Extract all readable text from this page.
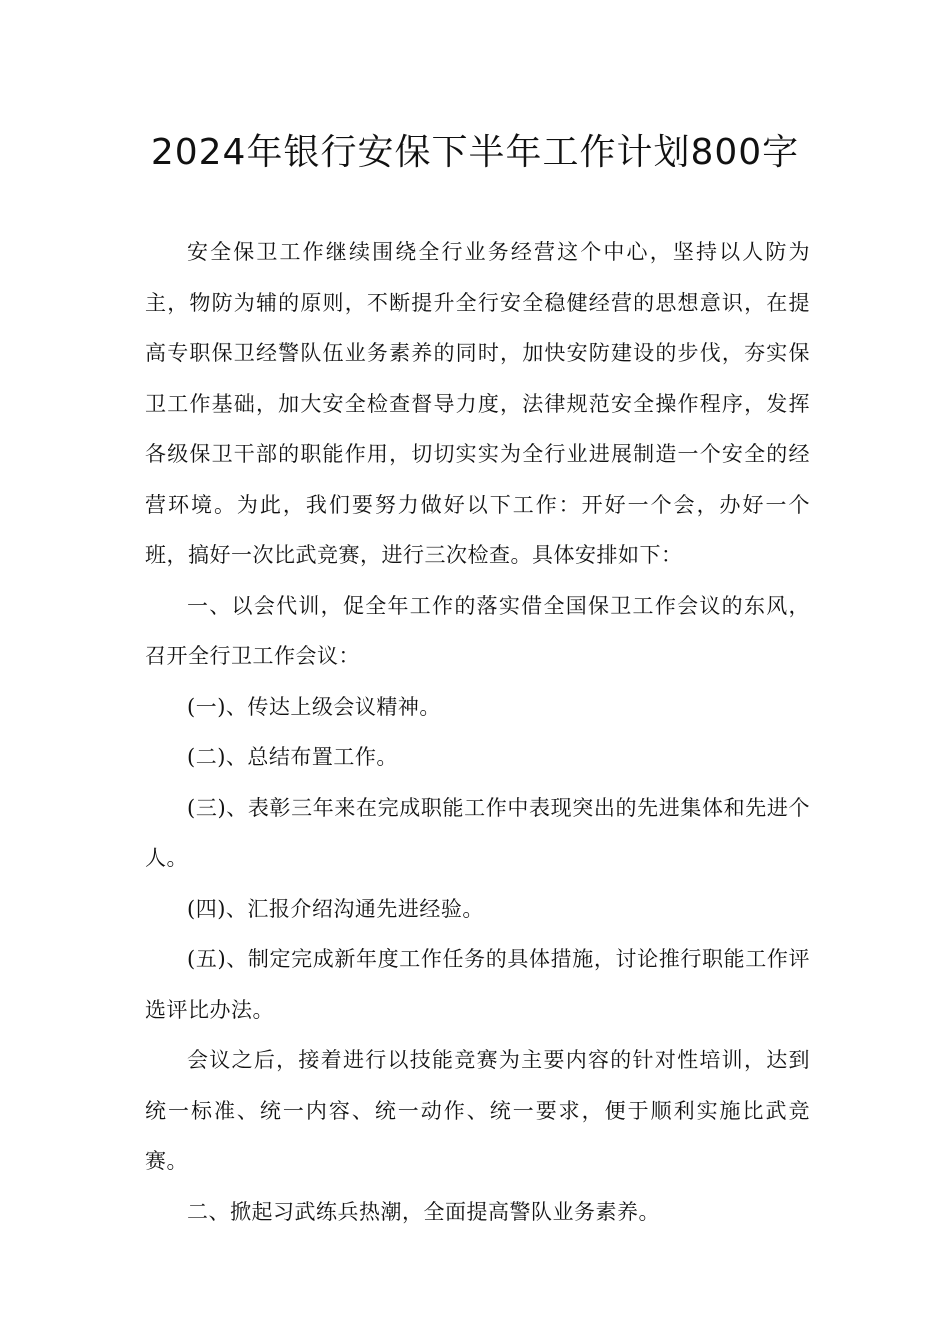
2024年银行安保下半年工作计划800字

安全保卫工作继续围绕全行业务经营这个中心，坚持以人防为主，物防为辅的原则，不断提升全行安全稳健经营的思想意识，在提高专职保卫经警队伍业务素养的同时，加快安防建设的步伐，夯实保卫工作基础，加大安全检查督导力度，法律规范安全操作程序，发挥各级保卫干部的职能作用，切切实实为全行业进展制造一个安全的经营环境。为此，我们要努力做好以下工作：开好一个会，办好一个班，搞好一次比武竞赛，进行三次检查。具体安排如下：

一、以会代训，促全年工作的落实借全国保卫工作会议的东风，召开全行卫工作会议：

(一)、传达上级会议精神。

(二)、总结布置工作。

(三)、表彰三年来在完成职能工作中表现突出的先进集体和先进个人。

(四)、汇报介绍沟通先进经验。

(五)、制定完成新年度工作任务的具体措施，讨论推行职能工作评选评比办法。

会议之后，接着进行以技能竞赛为主要内容的针对性培训，达到统一标准、统一内容、统一动作、统一要求，便于顺利实施比武竞赛。

二、掀起习武练兵热潮，全面提高警队业务素养。
